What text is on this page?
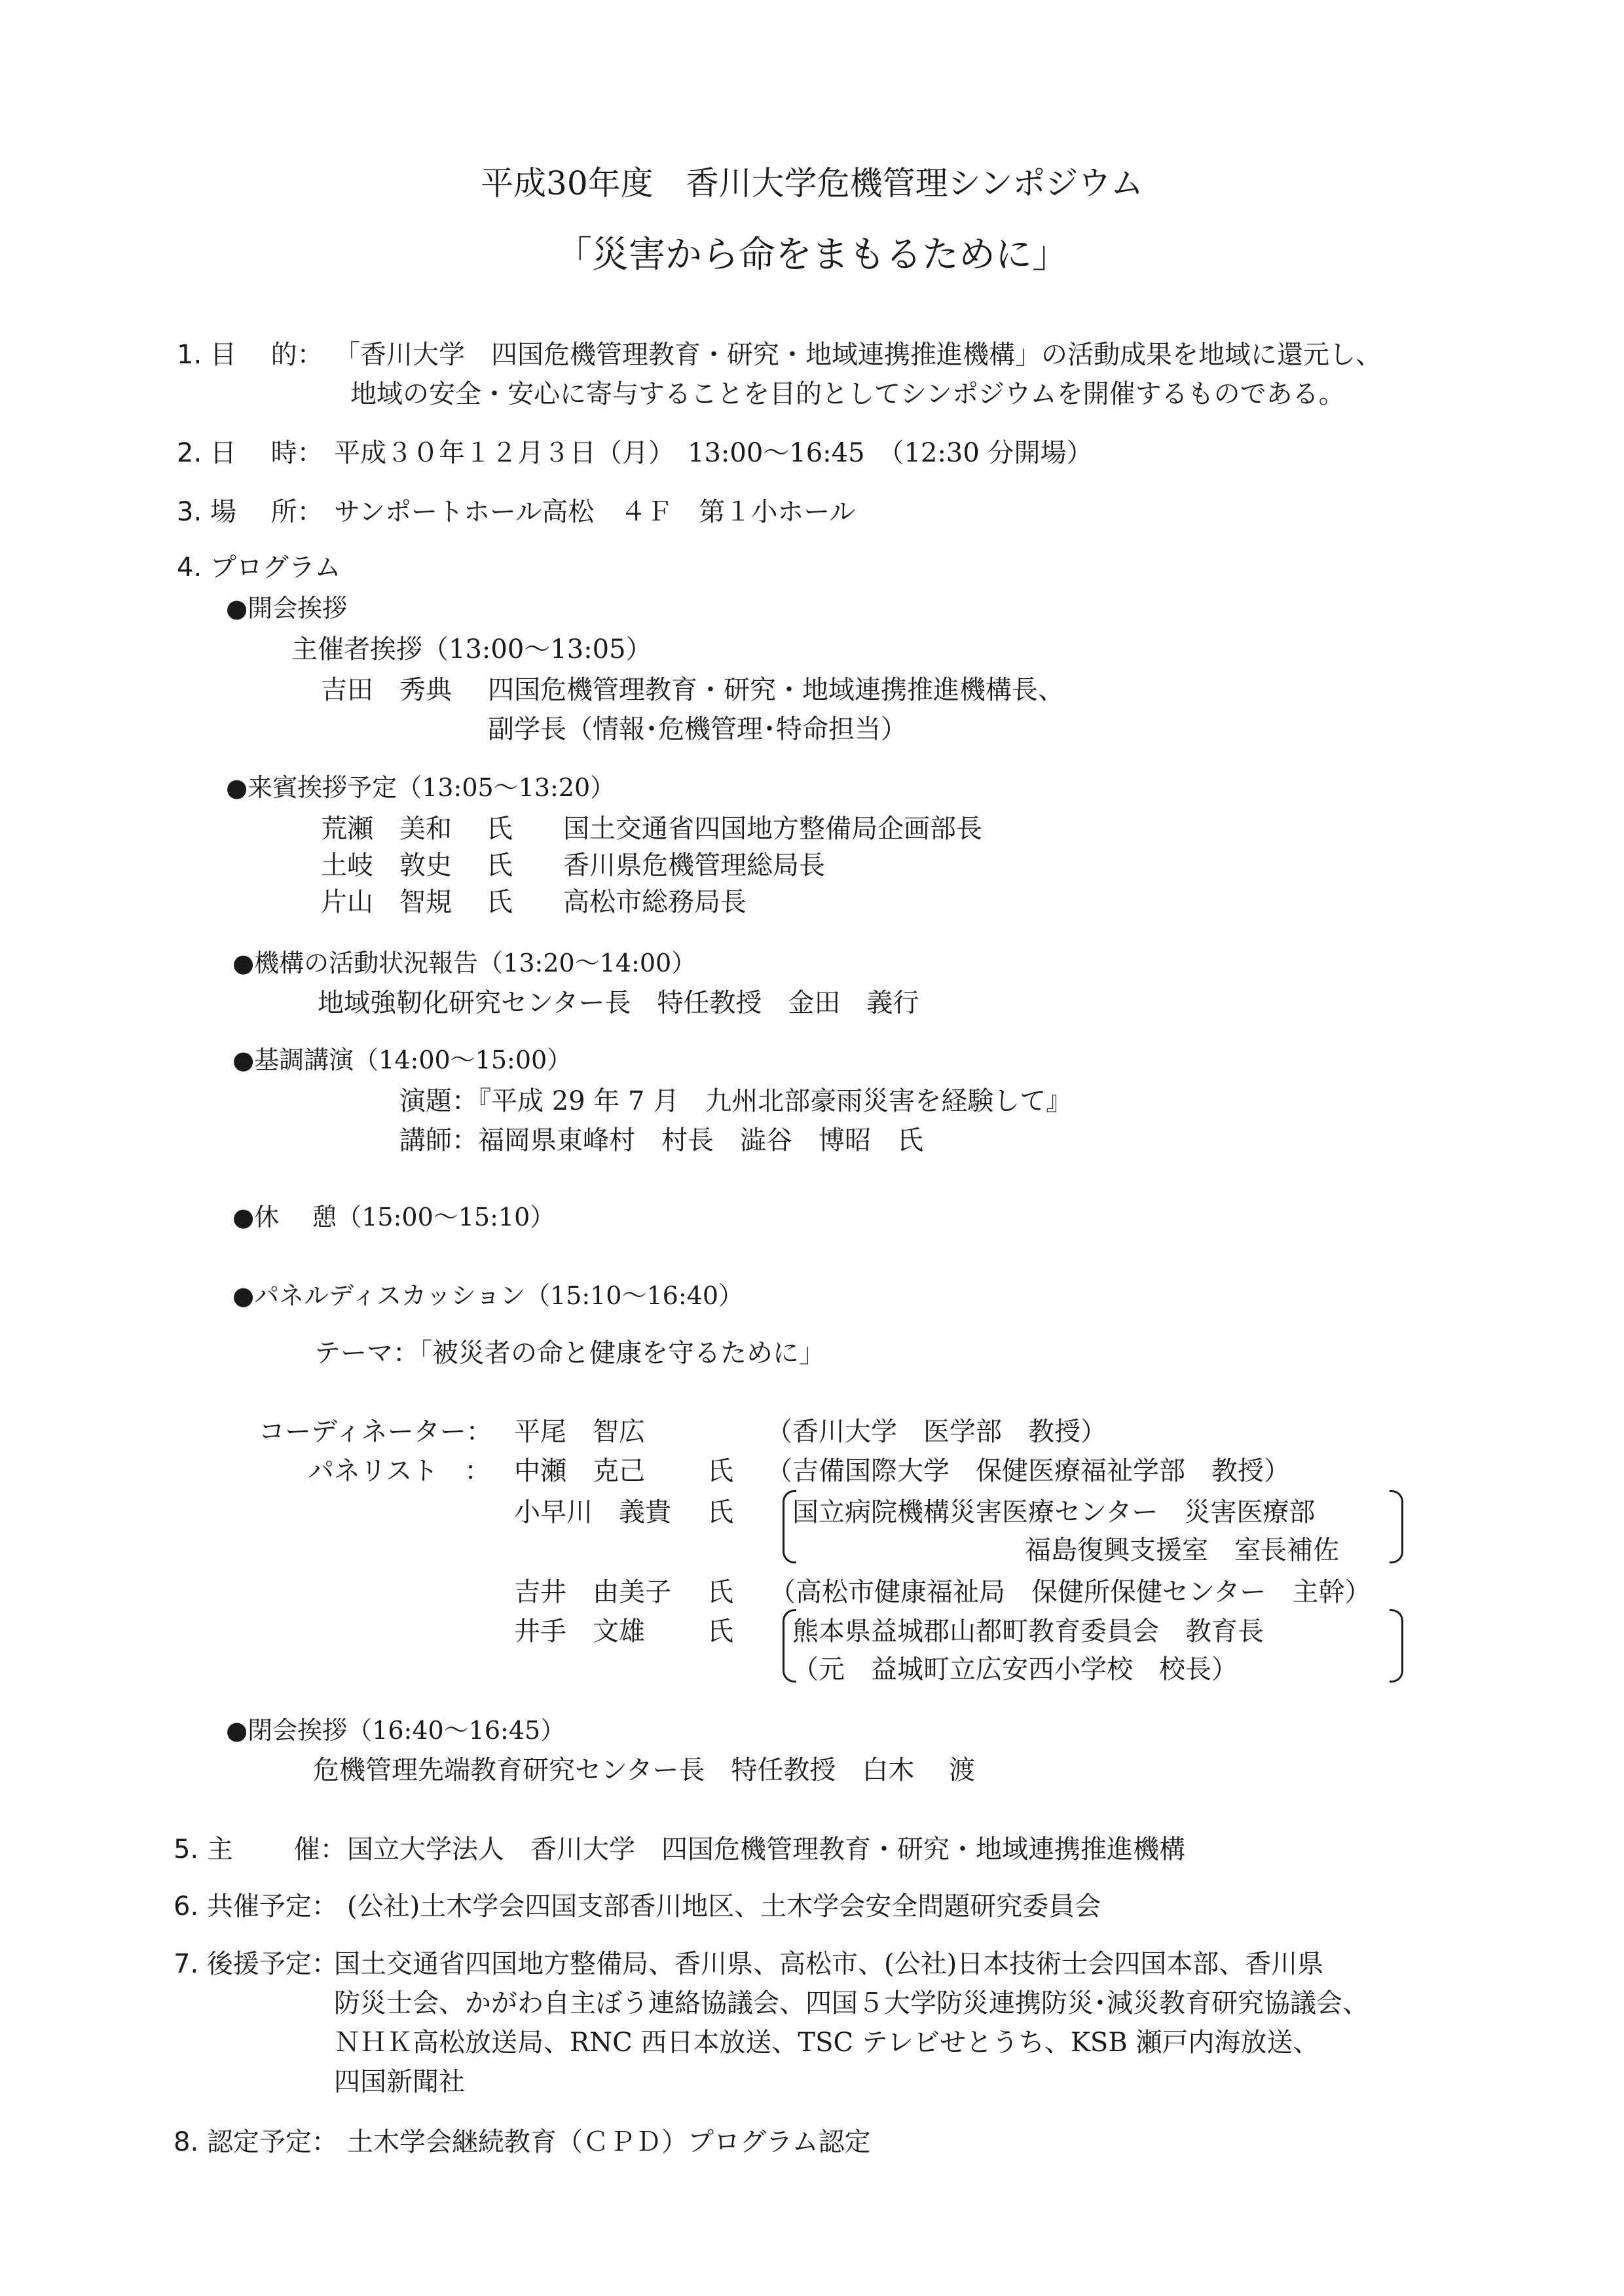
平成30年度　香川大学危機管理シンポジウム
「災害から命をまもるために」
1. 目　 的： 「香川大学　四国危機管理教育・研究・地域連携推進機構」の活動成果を地域に還元し、
地域の安全・安心に寄与することを目的としてシンポジウムを開催するものである。
2. 日　 時： 平成３０年１２月３日（月）　13:00〜16:45　（12:30 分開場）
3. 場　 所： サンポートホール高松　４Ｆ　第１小ホール
4. プログラム
●開会挨拶
主催者挨拶（13:00〜13:05）
吉田　秀典 四国危機管理教育・研究・地域連携推進機構長、
副学長（情報･危機管理･特命担当）
●来賓挨拶予定（13:05〜13:20）
荒瀬　美和　 氏 国土交通省四国地方整備局企画部長
土岐　敦史　 氏 香川県危機管理総局長
片山　智規　 氏 高松市総務局長
●機構の活動状況報告（13:20〜14:00）
地域強靭化研究センター長　特任教授　金田　義行
●基調講演（14:00〜15:00）
演題：『平成 29 年 7 月　九州北部豪雨災害を経験して』
講師：福岡県東峰村　村長　澁谷　博昭　氏
●休　 憩（15:00〜15:10）
●パネルディスカッション（15:10〜16:40）
テーマ：「被災者の命と健康を守るために」
コーディネーター： 平尾　智広	（香川大学　医学部　教授）
パネリスト　： 中瀬　克己 氏 （吉備国際大学　保健医療福祉学部　教授）
小早川　義貴 氏 国立病院機構災害医療センター　災害医療部
福島復興支援室　室長補佐
吉井　由美子 氏 （高松市健康福祉局　保健所保健センター　主幹）
井手　文雄 氏 熊本県益城郡山都町教育委員会　教育長
（元　益城町立広安西小学校　校長）
●閉会挨拶（16:40〜16:45）
危機管理先端教育研究センター長　特任教授　白木　 渡
5. 主　　 催： 国立大学法人　香川大学　四国危機管理教育・研究・地域連携推進機構
6. 共催予定： (公社)土木学会四国支部香川地区、土木学会安全問題研究委員会
7. 後援予定：
国土交通省四国地方整備局、香川県、高松市、(公社)日本技術士会四国本部、香川県
防災士会、かがわ自主ぼう連絡協議会、四国５大学防災連携防災･減災教育研究協議会、
ＮＨＫ高松放送局、RNC 西日本放送、TSC テレビせとうち、KSB 瀬戸内海放送、
四国新聞社
8. 認定予定： 土木学会継続教育（ＣＰＤ）プログラム認定
